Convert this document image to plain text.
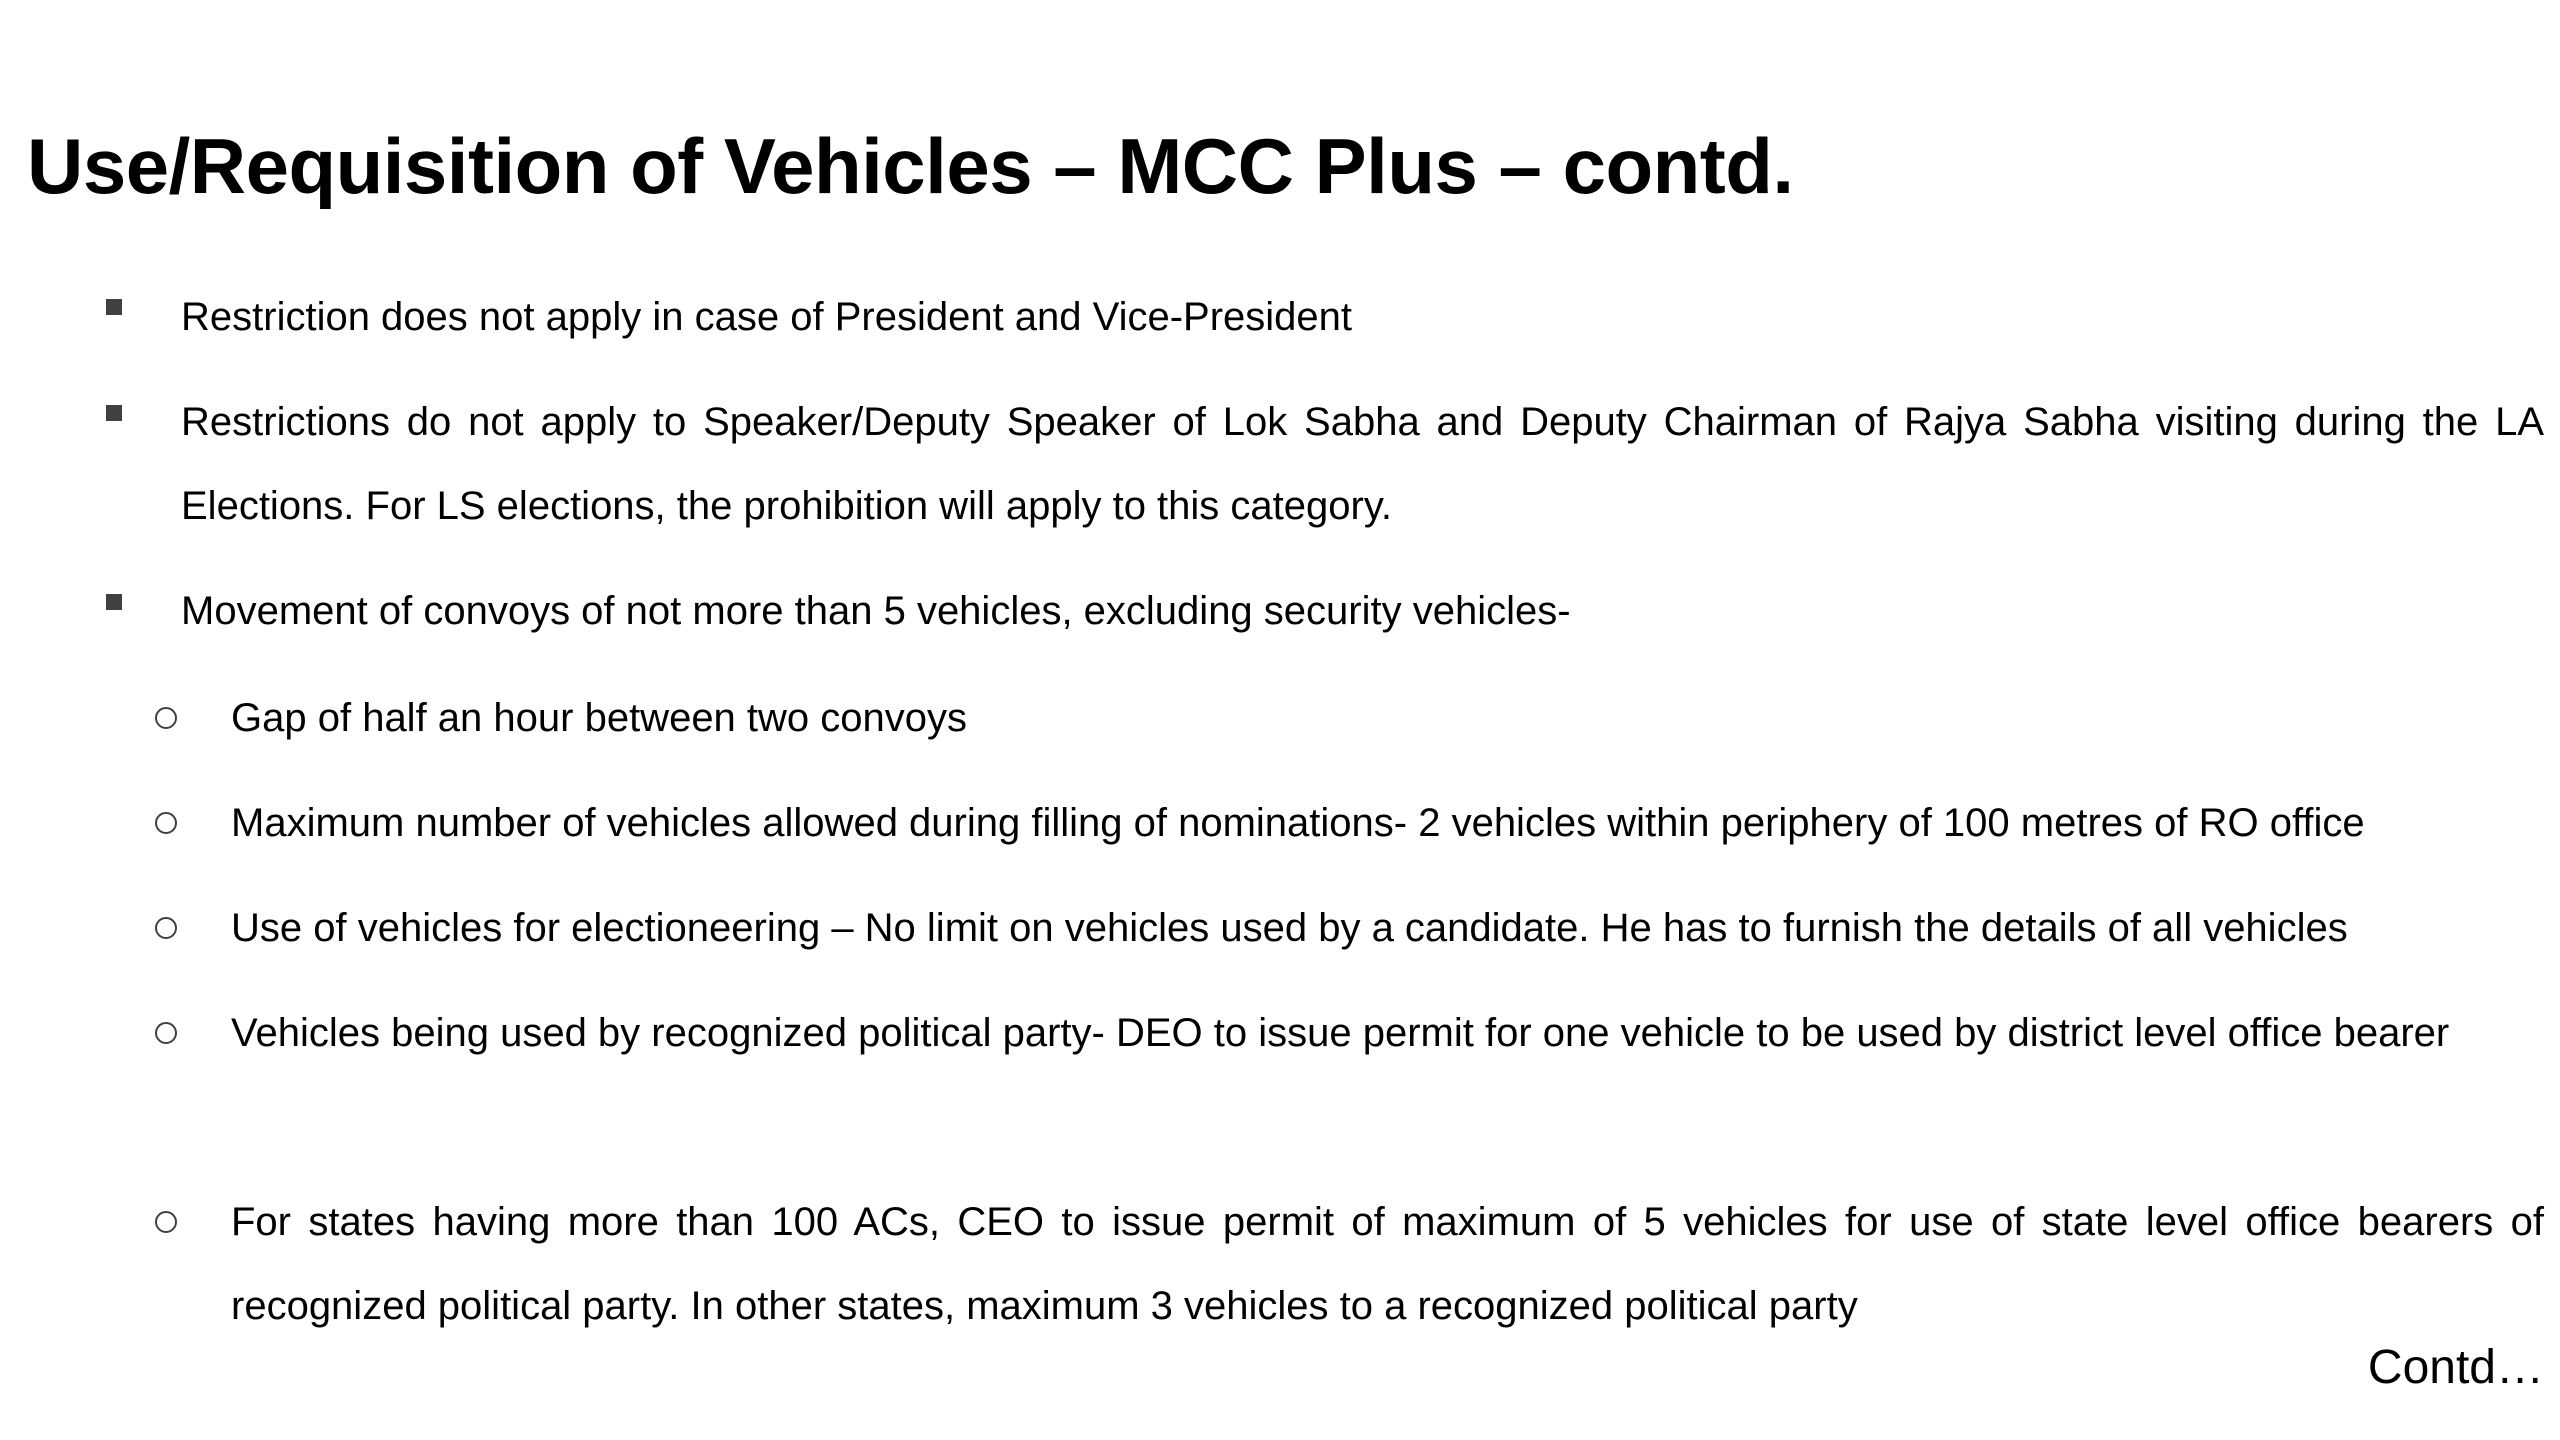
Use/Requisition of Vehicles – MCC Plus – contd.
Restriction does not apply in case of President and Vice-President
Restrictions do not apply to Speaker/Deputy Speaker of Lok Sabha and Deputy Chairman of Rajya Sabha visiting during the LA Elections. For LS elections, the prohibition will apply to this category.
Movement of convoys of not more than 5 vehicles, excluding security vehicles-
Gap of half an hour between two convoys
Maximum number of vehicles allowed during filling of nominations- 2 vehicles within periphery of 100 metres of RO office
Use of vehicles for electioneering – No limit on vehicles used by a candidate. He has to furnish the details of all vehicles
Vehicles being used by recognized political party- DEO to issue permit for one vehicle to be used by district level office bearer
For states having more than 100 ACs, CEO to issue permit of maximum of 5 vehicles for use of state level office bearers of recognized political party. In other states, maximum 3 vehicles to a recognized political party
Contd…
